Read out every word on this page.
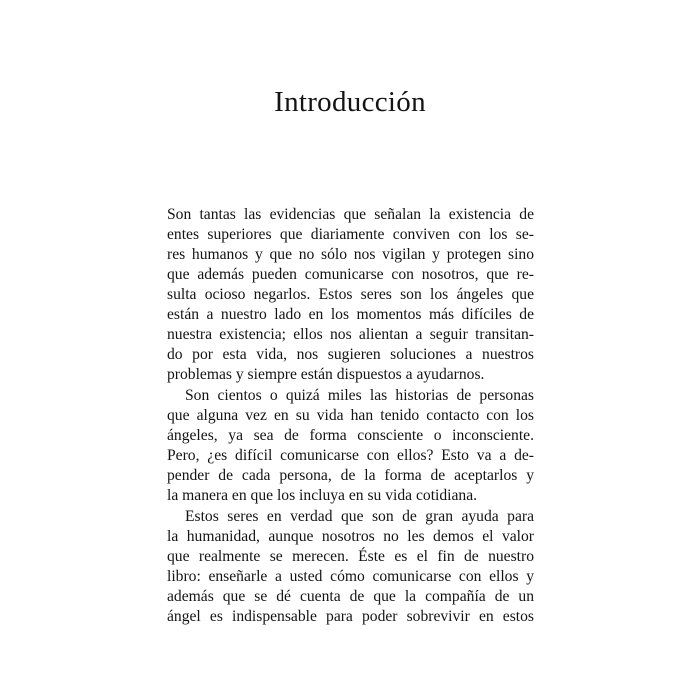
Introducción
Son tantas las evidencias que señalan la existencia de
entes superiores que diariamente conviven con los se-
res humanos y que no sólo nos vigilan y protegen sino
que además pueden comunicarse con nosotros, que re-
sulta ocioso negarlos. Estos seres son los ángeles que
están a nuestro lado en los momentos más difíciles de
nuestra existencia; ellos nos alientan a seguir transitan-
do por esta vida, nos sugieren soluciones a nuestros
problemas y siempre están dispuestos a ayudarnos.
Son cientos o quizá miles las historias de personas
que alguna vez en su vida han tenido contacto con los
ángeles, ya sea de forma consciente o inconsciente.
Pero, ¿es difícil comunicarse con ellos? Esto va a de-
pender de cada persona, de la forma de aceptarlos y
la manera en que los incluya en su vida cotidiana.
Estos seres en verdad que son de gran ayuda para
la humanidad, aunque nosotros no les demos el valor
que realmente se merecen. Éste es el fin de nuestro
libro: enseñarle a usted cómo comunicarse con ellos y
además que se dé cuenta de que la compañía de un
ángel es indispensable para poder sobrevivir en estos
